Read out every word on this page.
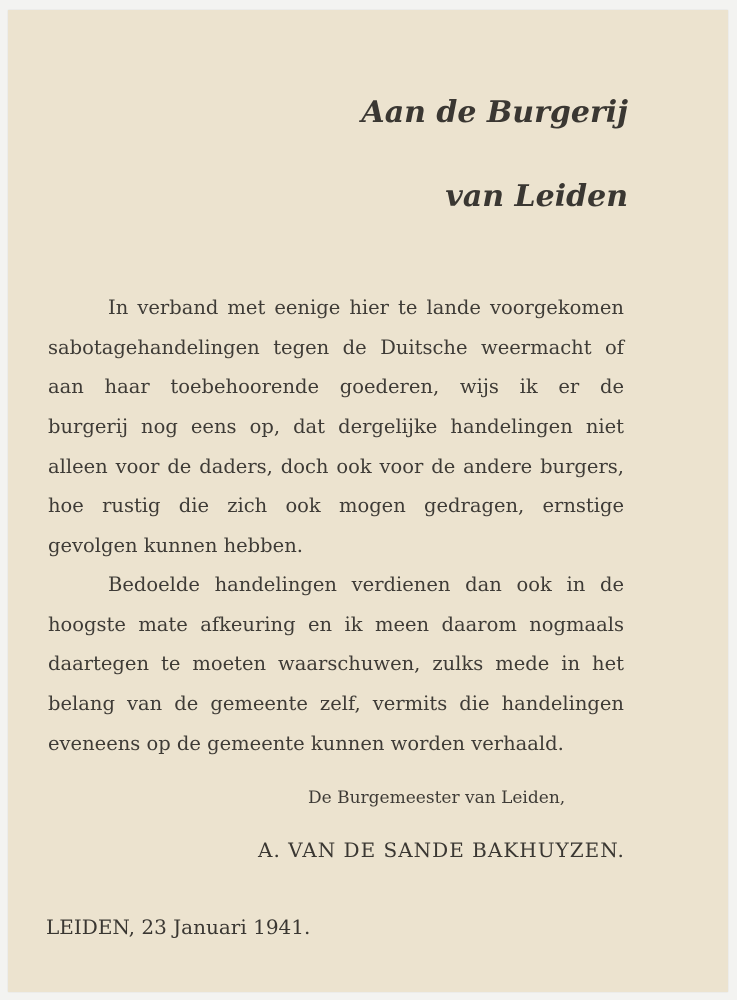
Aan de Burgerij
van Leiden
In verband met eenige hier te lande voorgekomen
sabotagehandelingen tegen de Duitsche weermacht of
aan haar toebehoorende goederen, wijs ik er de
burgerij nog eens op, dat dergelijke handelingen niet
alleen voor de daders, doch ook voor de andere burgers,
hoe rustig die zich ook mogen gedragen, ernstige
gevolgen kunnen hebben.
Bedoelde handelingen verdienen dan ook in de
hoogste mate afkeuring en ik meen daarom nogmaals
daartegen te moeten waarschuwen, zulks mede in het
belang van de gemeente zelf, vermits die handelingen
eveneens op de gemeente kunnen worden verhaald.
De Burgemeester van Leiden,
A. VAN DE SANDE BAKHUYZEN.
LEIDEN, 23 Januari 1941.
